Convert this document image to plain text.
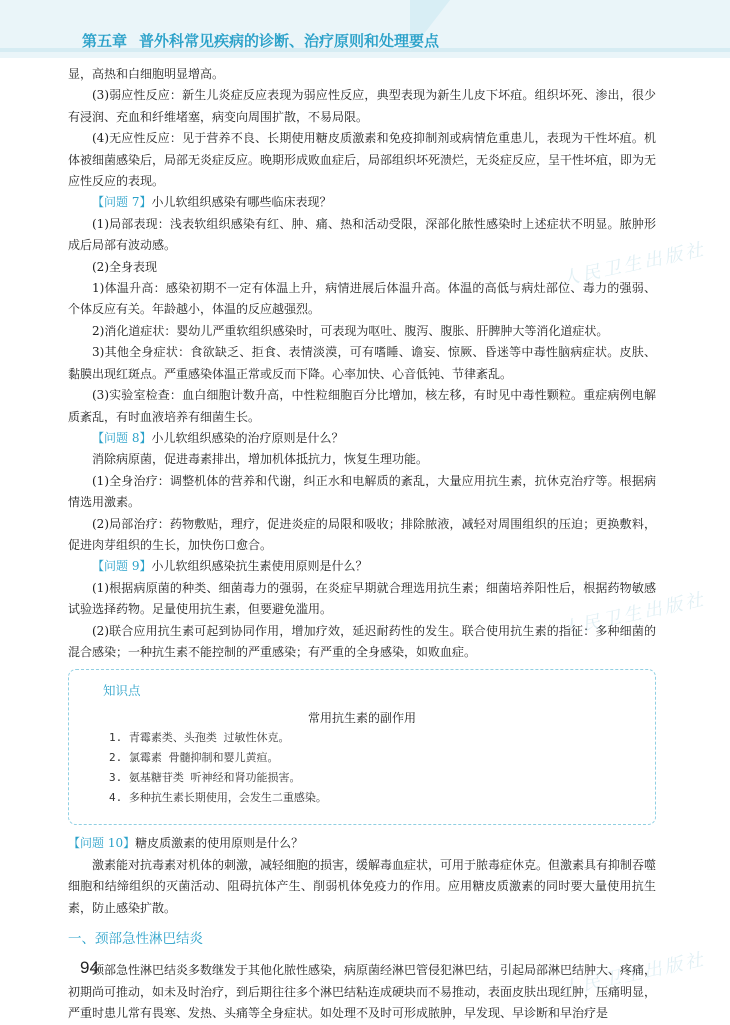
第五章 普外科常见疾病的诊断、治疗原则和处理要点
人民卫生出版社
人民卫生出版社
人民卫生出版社

显，高热和白细胞明显增高。

(3)弱应性反应：新生儿炎症反应表现为弱应性反应，典型表现为新生儿皮下坏疽。组织坏死、渗出，很少有浸润、充血和纤维堵塞，病变向周围扩散，不易局限。

(4)无应性反应：见于营养不良、长期使用糖皮质激素和免疫抑制剂或病情危重患儿，表现为干性坏疽。机体被细菌感染后，局部无炎症反应。晚期形成败血症后，局部组织坏死溃烂，无炎症反应，呈干性坏疽，即为无应性反应的表现。

【问题 7】小儿软组织感染有哪些临床表现？

(1)局部表现：浅表软组织感染有红、肿、痛、热和活动受限，深部化脓性感染时上述症状不明显。脓肿形成后局部有波动感。

(2)全身表现

1)体温升高：感染初期不一定有体温上升，病情进展后体温升高。体温的高低与病灶部位、毒力的强弱、个体反应有关。年龄越小，体温的反应越强烈。

2)消化道症状：婴幼儿严重软组织感染时，可表现为呕吐、腹泻、腹胀、肝脾肿大等消化道症状。

3)其他全身症状：食欲缺乏、拒食、表情淡漠，可有嗜睡、谵妄、惊厥、昏迷等中毒性脑病症状。皮肤、黏膜出现红斑点。严重感染体温正常或反而下降。心率加快、心音低钝、节律紊乱。

(3)实验室检查：血白细胞计数升高，中性粒细胞百分比增加，核左移，有时见中毒性颗粒。重症病例电解质紊乱，有时血液培养有细菌生长。

【问题 8】小儿软组织感染的治疗原则是什么？

消除病原菌，促进毒素排出，增加机体抵抗力，恢复生理功能。

(1)全身治疗：调整机体的营养和代谢，纠正水和电解质的紊乱，大量应用抗生素，抗休克治疗等。根据病情选用激素。

(2)局部治疗：药物敷贴，理疗，促进炎症的局限和吸收；排除脓液，减轻对周围组织的压迫；更换敷料，促进肉芽组织的生长，加快伤口愈合。

【问题 9】小儿软组织感染抗生素使用原则是什么？

(1)根据病原菌的种类、细菌毒力的强弱，在炎症早期就合理选用抗生素；细菌培养阳性后，根据药物敏感试验选择药物。足量使用抗生素，但要避免滥用。

(2)联合应用抗生素可起到协同作用，增加疗效，延迟耐药性的发生。联合使用抗生素的指征：多种细菌的混合感染；一种抗生素不能控制的严重感染；有严重的全身感染，如败血症。

知识点
常用抗生素的副作用
1. 青霉素类、头孢类 过敏性休克。
2. 氯霉素 骨髓抑制和婴儿黄疸。
3. 氨基糖苷类 听神经和肾功能损害。
4. 多种抗生素长期使用，会发生二重感染。

【问题 10】糖皮质激素的使用原则是什么？

激素能对抗毒素对机体的刺激，减轻细胞的损害，缓解毒血症状，可用于脓毒症休克。但激素具有抑制吞噬细胞和结缔组织的灭菌活动、阻碍抗体产生、削弱机体免疫力的作用。应用糖皮质激素的同时要大量使用抗生素，防止感染扩散。

一、颈部急性淋巴结炎

颈部急性淋巴结炎多数继发于其他化脓性感染，病原菌经淋巴管侵犯淋巴结，引起局部淋巴结肿大、疼痛，初期尚可推动，如未及时治疗，到后期往往多个淋巴结粘连成硬块而不易推动，表面皮肤出现红肿，压痛明显，严重时患儿常有畏寒、发热、头痛等全身症状。如处理不及时可形成脓肿，早发现、早诊断和早治疗是

94
